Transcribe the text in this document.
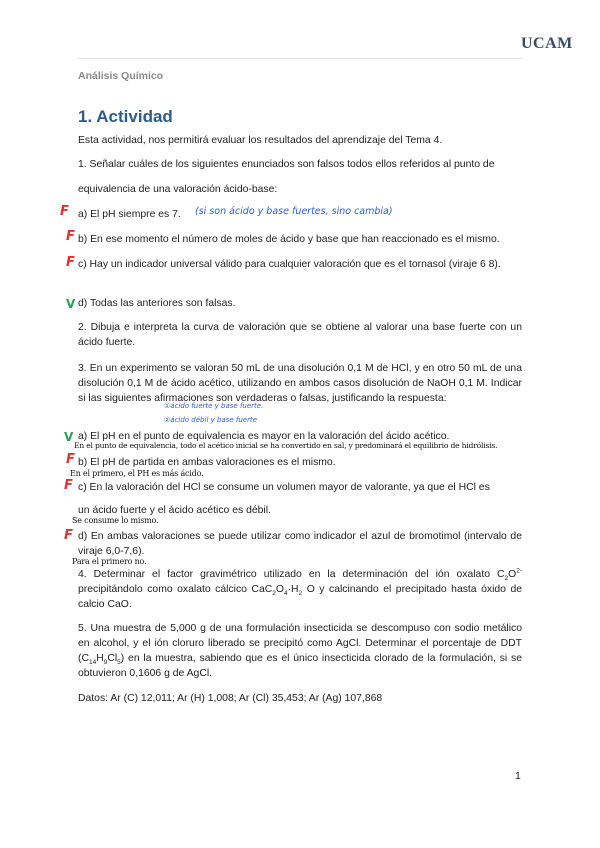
UCAM
Análisis Químico
1. Actividad
Esta actividad, nos permitirá evaluar los resultados del aprendizaje del Tema 4.
1. Señalar cuáles de los siguientes enunciados son falsos todos ellos referidos al punto de
equivalencia de una valoración ácido-base:
F a) El pH siempre es 7. (si son ácido y base fuertes, sino cambia)
F b) En ese momento el número de moles de ácido y base que han reaccionado es el mismo.
F c) Hay un indicador universal válido para cualquier valoración que es el tornasol (viraje 6 8).
V d) Todas las anteriores son falsas.
2. Dibuja e interpreta la curva de valoración que se obtiene al valorar una base fuerte con un ácido fuerte.
3. En un experimento se valoran 50 mL de una disolución 0,1 M de HCl, y en otro 50 mL de una disolución 0,1 M de ácido acético, utilizando en ambos casos disolución de NaOH 0,1 M. Indicar si las siguientes afirmaciones son verdaderas o falsas, justificando la respuesta:
①ácido fuerte y base fuerte.
②ácido débil y base fuerte
V a) El pH en el punto de equivalencia es mayor en la valoración del ácido acético.
En el punto de equivalencia, todo el acético inicial se ha convertido en sal, y predominará el equilibrio de hidrólisis.
F b) El pH de partida en ambas valoraciones es el mismo.
En el primero, el PH es más ácido.
F c) En la valoración del HCl se consume un volumen mayor de valorante, ya que el HCl es
un ácido fuerte y el ácido acético es débil.
Se consume lo mismo.
F d) En ambas valoraciones se puede utilizar como indicador el azul de bromotimol (intervalo de viraje 6,0-7,6).
Para el primero no.
4. Determinar el factor gravimétrico utilizado en la determinación del ión oxalato $C_2O^{2-}$ precipitándolo como oxalato cálcico $CaC_2O_4\cdot H_2$ O y calcinando el precipitado hasta óxido de calcio CaO.
5. Una muestra de 5,000 g de una formulación insecticida se descompuso con sodio metálico en alcohol, y el ión cloruro liberado se precipitó como AgCl. Determinar el porcentaje de DDT $(C_{14}H_9Cl_5)$ en la muestra, sabiendo que es el único insecticida clorado de la formulación, si se obtuvieron 0,1606 g de AgCl.
Datos: Ar (C) 12,011; Ar (H) 1,008; Ar (Cl) 35,453; Ar (Ag) 107,868
1
